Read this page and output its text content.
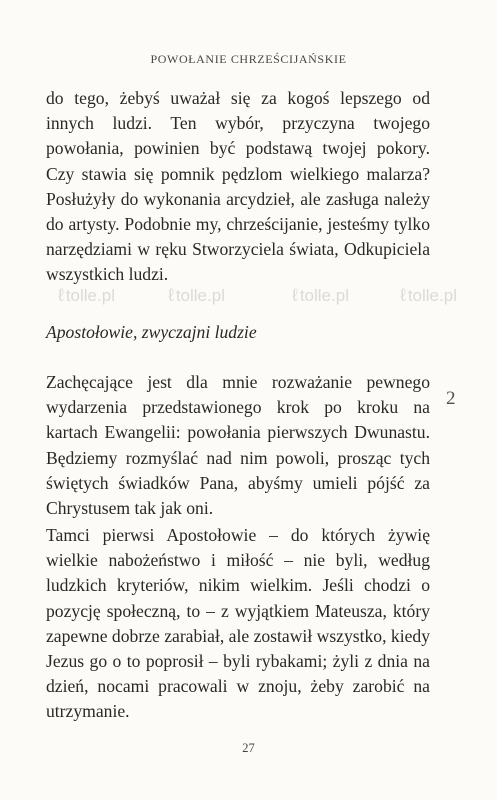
POWOŁANIE CHRZEŚCIJAŃSKIE
do tego, żebyś uważał się za kogoś lepszego od innych ludzi. Ten wybór, przyczyna twojego powołania, powinien być podstawą twojej pokory. Czy stawia się pomnik pędzlom wielkiego malarza? Posłużyły do wykonania arcydzieł, ale zasługa należy do artysty. Podobnie my, chrześcijanie, jesteśmy tylko narzędziami w ręku Stworzyciela świata, Odkupiciela wszystkich ludzi.
ℓ tolle.pl	ℓ tolle.pl	ℓ tolle.pl	ℓ tolle.pl
Apostołowie, zwyczajni ludzie
Zachęcające jest dla mnie rozważanie pewnego wydarzenia przedstawionego krok po kroku na kartach Ewangelii: powołania pierwszych Dwunastu. Będziemy rozmyślać nad nim powoli, prosząc tych świętych świadków Pana, abyśmy umieli pójść za Chrystusem tak jak oni.
2
Tamci pierwsi Apostołowie – do których żywię wielkie nabożeństwo i miłość – nie byli, według ludzkich kryteriów, nikim wielkim. Jeśli chodzi o pozycję społeczną, to – z wyjątkiem Mateusza, który zapewne dobrze zarabiał, ale zostawił wszystko, kiedy Jezus go o to poprosił – byli rybakami; żyli z dnia na dzień, nocami pracowali w znoju, żeby zarobić na utrzymanie.
27
